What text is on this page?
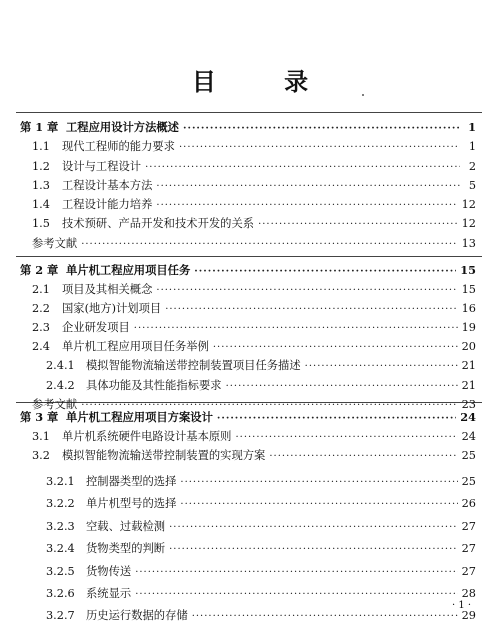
目 录
第 1 章 工程应用设计方法概述 ·····	1
1.1 现代工程师的能力要求 ·····	1
1.2 设计与工程设计 ·····	2
1.3 工程设计基本方法 ·····	5
1.4 工程设计能力培养 ·····	12
1.5 技术预研、产品开发和技术开发的关系 ·····	12
参考文献 ·····	13
第 2 章 单片机工程应用项目任务 ·····	15
2.1 项目及其相关概念 ·····	15
2.2 国家(地方)计划项目 ·····	16
2.3 企业研发项目 ·····	19
2.4 单片机工程应用项目任务举例 ·····	20
2.4.1 模拟智能物流输送带控制装置项目任务描述 ·····	21
2.4.2 具体功能及其性能指标要求 ·····	21
参考文献 ·····	23
第 3 章 单片机工程应用项目方案设计 ·····	24
3.1 单片机系统硬件电路设计基本原则 ·····	24
3.2 模拟智能物流输送带控制装置的实现方案 ·····	25
3.2.1 控制器类型的选择 ·····	25
3.2.2 单片机型号的选择 ·····	26
3.2.3 空载、过载检测 ·····	27
3.2.4 货物类型的判断 ·····	27
3.2.5 货物传送 ·····	27
3.2.6 系统显示 ·····	28
3.2.7 历史运行数据的存储 ·····	29
· 1 ·
